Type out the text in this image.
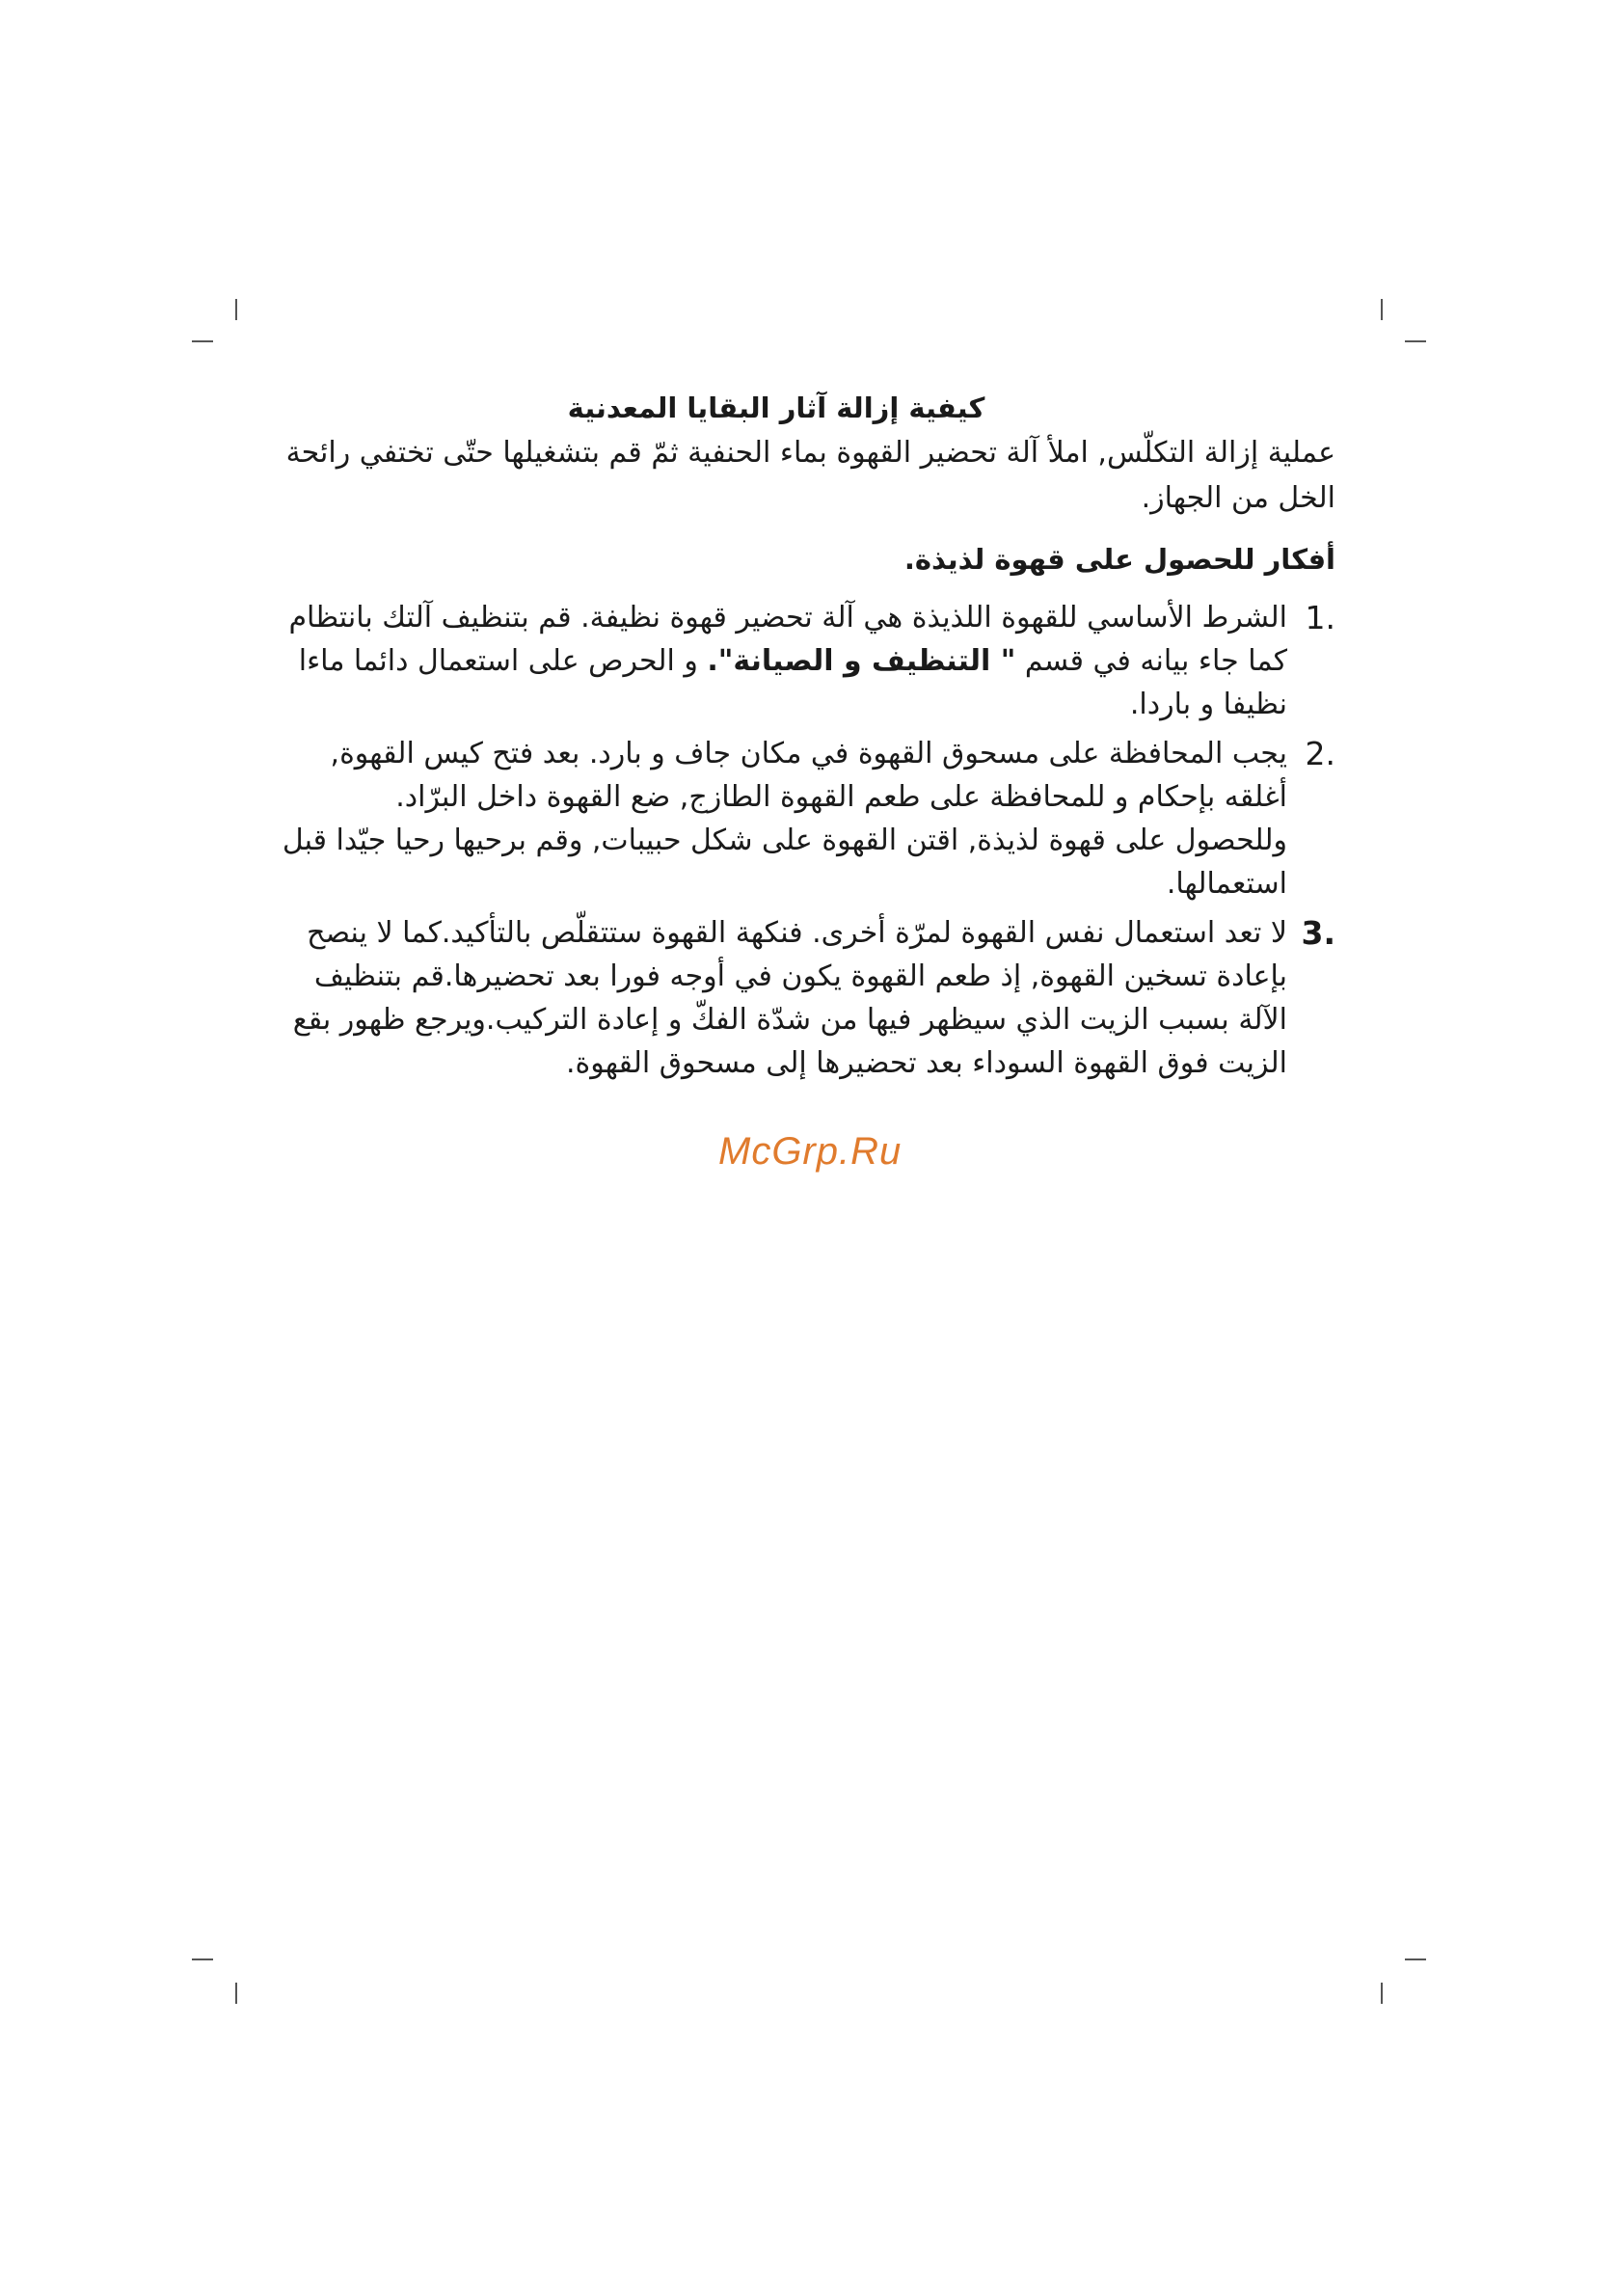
كيفية إزالة آثار البقايا المعدنية

عملية إزالة التكلّس, املأ آلة تحضير القهوة بماء الحنفية ثمّ قم بتشغيلها حتّى تختفي رائحة الخل من الجهاز.

أفكار للحصول على قهوة لذيذة.
1.
الشرط الأساسي للقهوة اللذيذة هي آلة تحضير قهوة نظيفة. قم بتنظيف آلتك بانتظام كما جاء بيانه في قسم " التنظيف و الصيانة". و الحرص على استعمال دائما ماءا نظيفا و باردا.
2.
يجب المحافظة على مسحوق القهوة في مكان جاف و بارد. بعد فتح كيس القهوة, أغلقه بإحكام و للمحافظة على طعم القهوة الطازج, ضع القهوة داخل البرّاد. وللحصول على قهوة لذيذة, اقتن القهوة على شكل حبيبات, وقم برحيها رحيا جيّدا قبل استعمالها.
3.
لا تعد استعمال نفس القهوة لمرّة أخرى. فنكهة القهوة ستتقلّص بالتأكيد.كما لا ينصح بإعادة تسخين القهوة, إذ طعم القهوة يكون في أوجه فورا بعد تحضيرها.قم بتنظيف الآلة بسبب الزيت الذي سيظهر فيها من شدّة الفكّ و إعادة التركيب.ويرجع ظهور بقع الزيت فوق القهوة السوداء بعد تحضيرها إلى مسحوق القهوة.
McGrp.Ru
